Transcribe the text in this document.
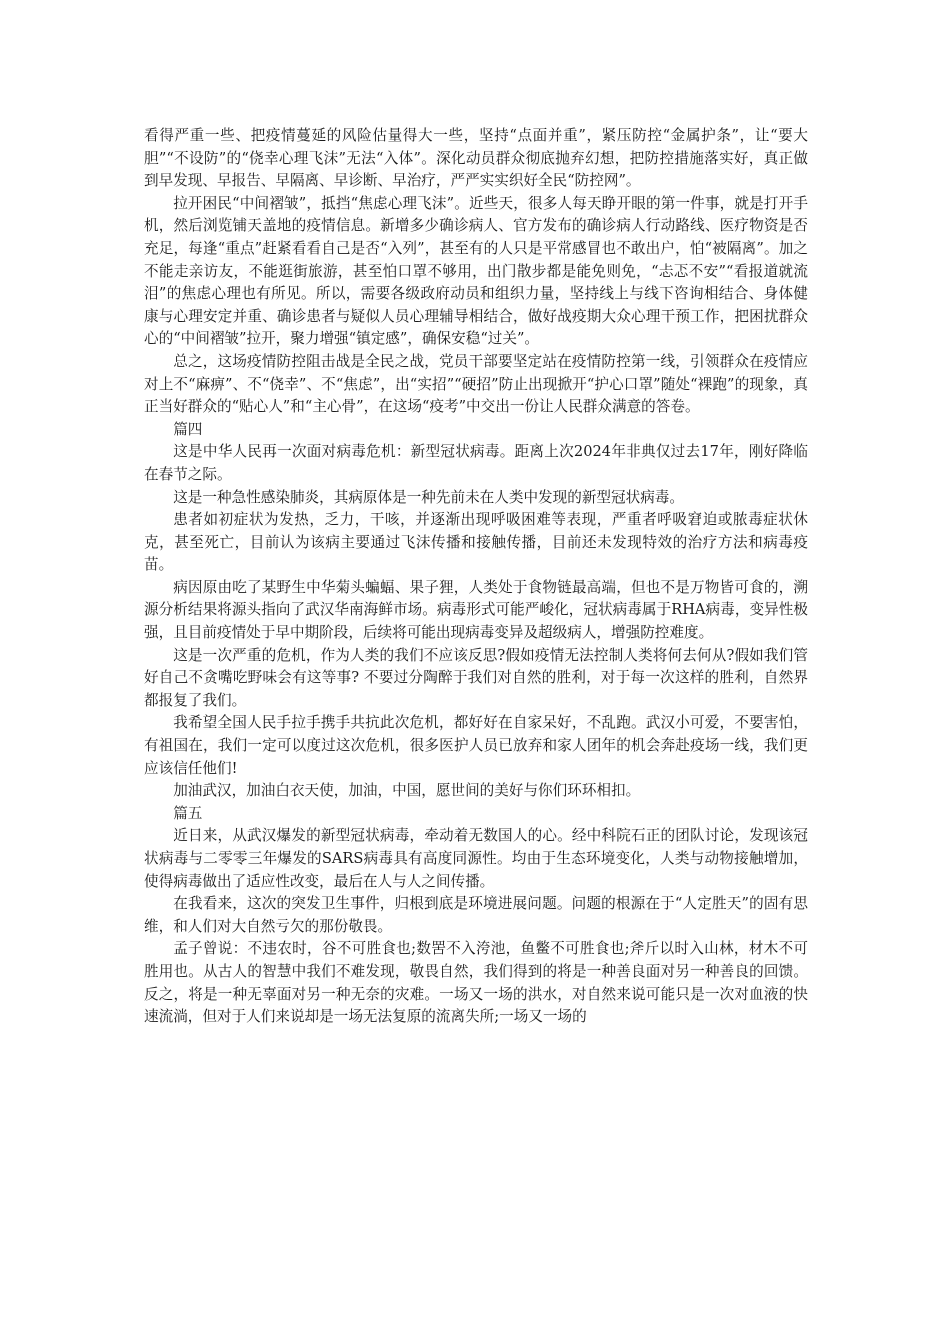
看得严重一些、把疫情蔓延的风险估量得大一些，坚持“点面并重”，紧压防控“金属护条”，让“要大胆”“不设防”的“侥幸心理飞沫”无法“入体”。深化动员群众彻底抛弃幻想，把防控措施落实好，真正做到早发现、早报告、早隔离、早诊断、早治疗，严严实实织好全民“防控网”。

拉开困民“中间褶皱”，抵挡“焦虑心理飞沫”。近些天，很多人每天睁开眼的第一件事，就是打开手机，然后浏览铺天盖地的疫情信息。新增多少确诊病人、官方发布的确诊病人行动路线、医疗物资是否充足，每逢“重点”赶紧看看自己是否“入列”，甚至有的人只是平常感冒也不敢出户，怕“被隔离”。加之不能走亲访友，不能逛街旅游，甚至怕口罩不够用，出门散步都是能免则免，“忐忑不安”“看报道就流泪”的焦虑心理也有所见。所以，需要各级政府动员和组织力量，坚持线上与线下咨询相结合、身体健康与心理安定并重、确诊患者与疑似人员心理辅导相结合，做好战疫期大众心理干预工作，把困扰群众心的“中间褶皱”拉开，聚力增强“镇定感”，确保安稳“过关”。

总之，这场疫情防控阻击战是全民之战，党员干部要坚定站在疫情防控第一线，引领群众在疫情应对上不“麻痹”、不“侥幸”、不“焦虑”，出“实招”“硬招”防止出现掀开“护心口罩”随处“裸跑”的现象，真正当好群众的“贴心人”和“主心骨”，在这场“疫考”中交出一份让人民群众满意的答卷。

篇四

这是中华人民再一次面对病毒危机：新型冠状病毒。距离上次2024年非典仅过去17年，刚好降临在春节之际。

这是一种急性感染肺炎，其病原体是一种先前未在人类中发现的新型冠状病毒。

患者如初症状为发热，乏力，干咳，并逐渐出现呼吸困难等表现，严重者呼吸窘迫或脓毒症状休克，甚至死亡，目前认为该病主要通过飞沫传播和接触传播，目前还未发现特效的治疗方法和病毒疫苗。

病因原由吃了某野生中华菊头蝙蝠、果子狸，人类处于食物链最高端，但也不是万物皆可食的，溯源分析结果将源头指向了武汉华南海鲜市场。病毒形式可能严峻化，冠状病毒属于RHA病毒，变异性极强，且目前疫情处于早中期阶段，后续将可能出现病毒变异及超级病人，增强防控难度。

这是一次严重的危机，作为人类的我们不应该反思?假如疫情无法控制人类将何去何从?假如我们管好自己不贪嘴吃野味会有这等事? 不要过分陶醉于我们对自然的胜利，对于每一次这样的胜利，自然界都报复了我们。

我希望全国人民手拉手携手共抗此次危机，都好好在自家呆好，不乱跑。武汉小可爱，不要害怕，有祖国在，我们一定可以度过这次危机，很多医护人员已放弃和家人团年的机会奔赴疫场一线，我们更应该信任他们!

加油武汉，加油白衣天使，加油，中国，愿世间的美好与你们环环相扣。

篇五

近日来，从武汉爆发的新型冠状病毒，牵动着无数国人的心。经中科院石正的团队讨论，发现该冠状病毒与二零零三年爆发的SARS病毒具有高度同源性。均由于生态环境变化，人类与动物接触增加，使得病毒做出了适应性改变，最后在人与人之间传播。

在我看来，这次的突发卫生事件，归根到底是环境进展问题。问题的根源在于“人定胜天”的固有思维，和人们对大自然亏欠的那份敬畏。

孟子曾说：不违农时，谷不可胜食也;数罟不入洿池，鱼鳖不可胜食也;斧斤以时入山林，材木不可胜用也。从古人的智慧中我们不难发现，敬畏自然，我们得到的将是一种善良面对另一种善良的回馈。反之，将是一种无辜面对另一种无奈的灾难。一场又一场的洪水，对自然来说可能只是一次对血液的快速流淌，但对于人们来说却是一场无法复原的流离失所;一场又一场的
